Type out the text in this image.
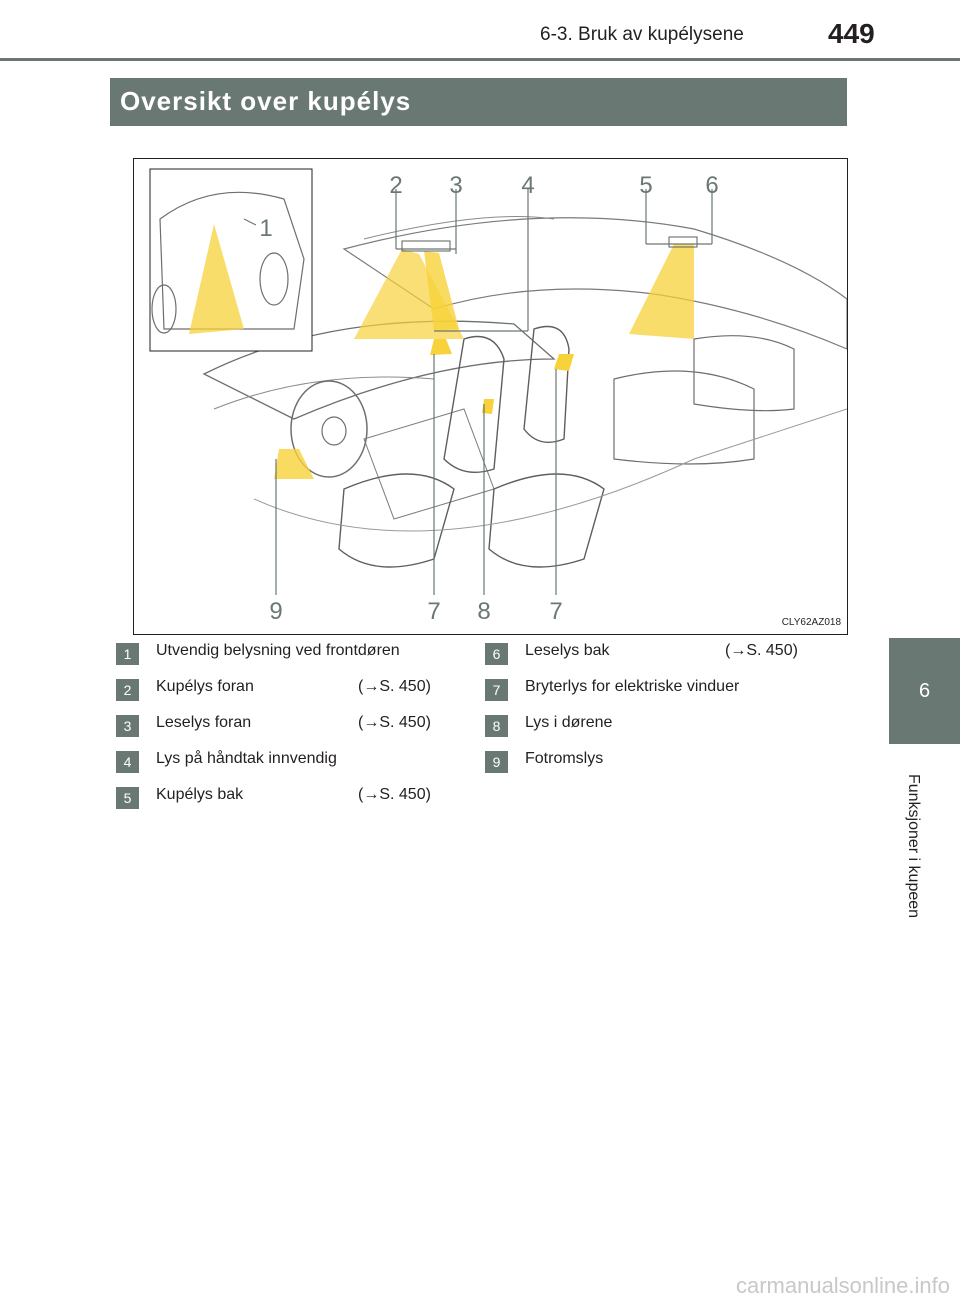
6-3. Bruk av kupélysene	449
Oversikt over kupélys
6
Funksjoner i kupeen
1
2 3 4	5 6
9	7 8 7	CLY62AZ018
1	Utvendig belysning ved frontdøren
2	Kupélys foran	(→S. 450)
3	Leselys foran	(→S. 450)
4	Lys på håndtak innvendig
5	Kupélys bak	(→S. 450)
6	Leselys bak	(→S. 450)
7	Bryterlys for elektriske vinduer
8	Lys i dørene
9	Fotromslys
carmanualsonline.info
